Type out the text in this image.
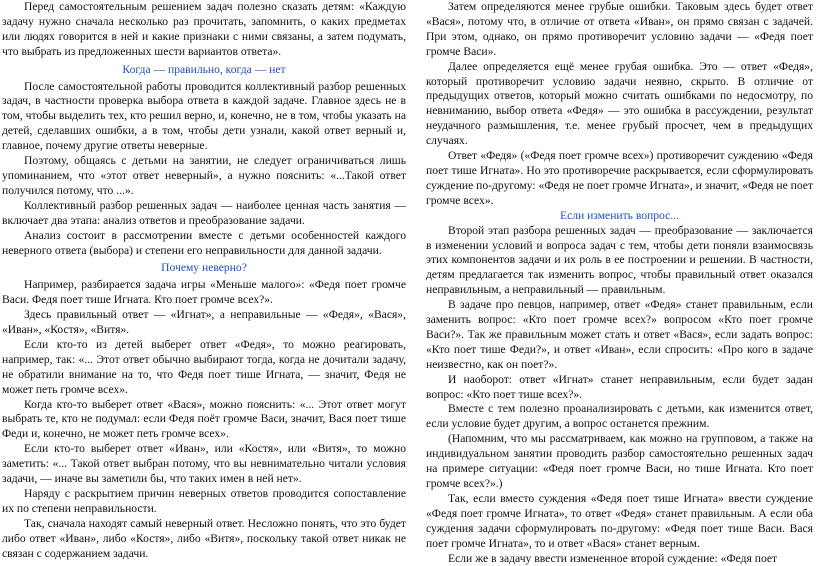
Перед самостоятельным решением задач полезно сказать детям: «Каждую задачу нужно сначала несколько раз прочитать, запомнить, о каких предметах или людях говорится в ней и какие признаки с ними связаны, а затем подумать, что выбрать из предложенных шести вариантов ответа».

Когда — правильно, когда — нет

После самостоятельной работы проводится коллективный разбор решенных задач, в частности проверка выбора ответа в каждой задаче. Главное здесь не в том, чтобы выделить тех, кто решил верно, и, конечно, не в том, чтобы указать на детей, сделавших ошибки, а в том, чтобы дети узнали, какой ответ верный и, главное, почему другие ответы неверные.

Поэтому, общаясь с детьми на занятии, не следует ограничиваться лишь упоминанием, что «этот ответ неверный», а нужно пояснить: «...Такой ответ получился потому, что ...».

Коллективный разбор решенных задач — наиболее ценная часть занятия — включает два этапа: анализ ответов и преобразование задачи.

Анализ состоит в рассмотрении вместе с детьми особенностей каждого неверного ответа (выбора) и степени его неправильности для данной задачи.

Почему неверно?

Например, разбирается задача игры «Меньше малого»: «Федя поет громче Васи. Федя поет тише Игната. Кто поет громче всех?».

Здесь правильный ответ — «Игнат», а неправильные — «Федя», «Вася», «Иван», «Костя», «Витя».

Если кто-то из детей выберет ответ «Федя», то можно реагировать, например, так: «... Этот ответ обычно выбирают тогда, когда не дочитали задачу, не обратили внимание на то, что Федя поет тише Игната, — значит, Федя не может петь громче всех».

Когда кто-то выберет ответ «Вася», можно пояснить: «... Этот ответ могут выбрать те, кто не подумал: если Федя поёт громче Васи, значит, Вася поет тише Феди и, конечно, не может петь громче всех».

Если кто-то выберет ответ «Иван», или «Костя», или «Витя», то можно заметить: «... Такой ответ выбран потому, что вы невнимательно читали условия задачи, — иначе вы заметили бы, что таких имен в ней нет».

Наряду с раскрытием причин неверных ответов проводится сопоставление их по степени неправильности.

Так, сначала находят самый неверный ответ. Несложно понять, что это будет либо ответ «Иван», либо «Костя», либо «Витя», поскольку такой ответ никак не связан с содержанием задачи.

Затем определяются менее грубые ошибки. Таковым здесь будет ответ «Вася», потому что, в отличие от ответа «Иван», он прямо связан с задачей. При этом, однако, он прямо противоречит условию задачи — «Федя поет громче Васи».

Далее определяется ещё менее грубая ошибка. Это — ответ «Федя», который противоречит условию задачи неявно, скрыто. В отличие от предыдущих ответов, который можно считать ошибками по недосмотру, по невниманию, выбор ответа «Федя» — это ошибка в рассуждении, результат неудачного размышления, т.е. менее грубый просчет, чем в предыдущих случаях.

Ответ «Федя» («Федя поет громче всех») противоречит суждению «Федя поет тише Игната». Но это противоречие раскрывается, если сформулировать суждение по-другому: «Федя не поет громче Игната», и значит, «Федя не поет громче всех».

Если изменить вопрос...

Второй этап разбора решенных задач — преобразование — заключается в изменении условий и вопроса задач с тем, чтобы дети поняли взаимосвязь этих компонентов задачи и их роль в ее построении и решении. В частности, детям предлагается так изменить вопрос, чтобы правильный ответ оказался неправильным, а неправильный — правильным.

В задаче про певцов, например, ответ «Федя» станет правильным, если заменить вопрос: «Кто поет громче всех?» вопросом «Кто поет громче Васи?». Так же правильным может стать и ответ «Вася», если задать вопрос: «Кто поет тише Феди?», и ответ «Иван», если спросить: «Про кого в задаче неизвестно, как он поет?».

И наоборот: ответ «Игнат» станет неправильным, если будет задан вопрос: «Кто поет тише всех?».

Вместе с тем полезно проанализировать с детьми, как изменится ответ, если условие будет другим, а вопрос останется прежним.

(Напомним, что мы рассматриваем, как можно на групповом, а также на индивидуальном занятии проводить разбор самостоятельно решенных задач на примере ситуации: «Федя поет громче Васи, но тише Игната. Кто поет громче всех?».)

Так, если вместо суждения «Федя поет тише Игната» ввести суждение «Федя поет громче Игната», то ответ «Федя» станет правильным. А если оба суждения задачи сформулировать по-другому: «Федя поет тише Васи. Вася поет громче Игната», то и ответ «Вася» станет верным.

Если же в задачу ввести измененное второй суждение: «Федя поет
